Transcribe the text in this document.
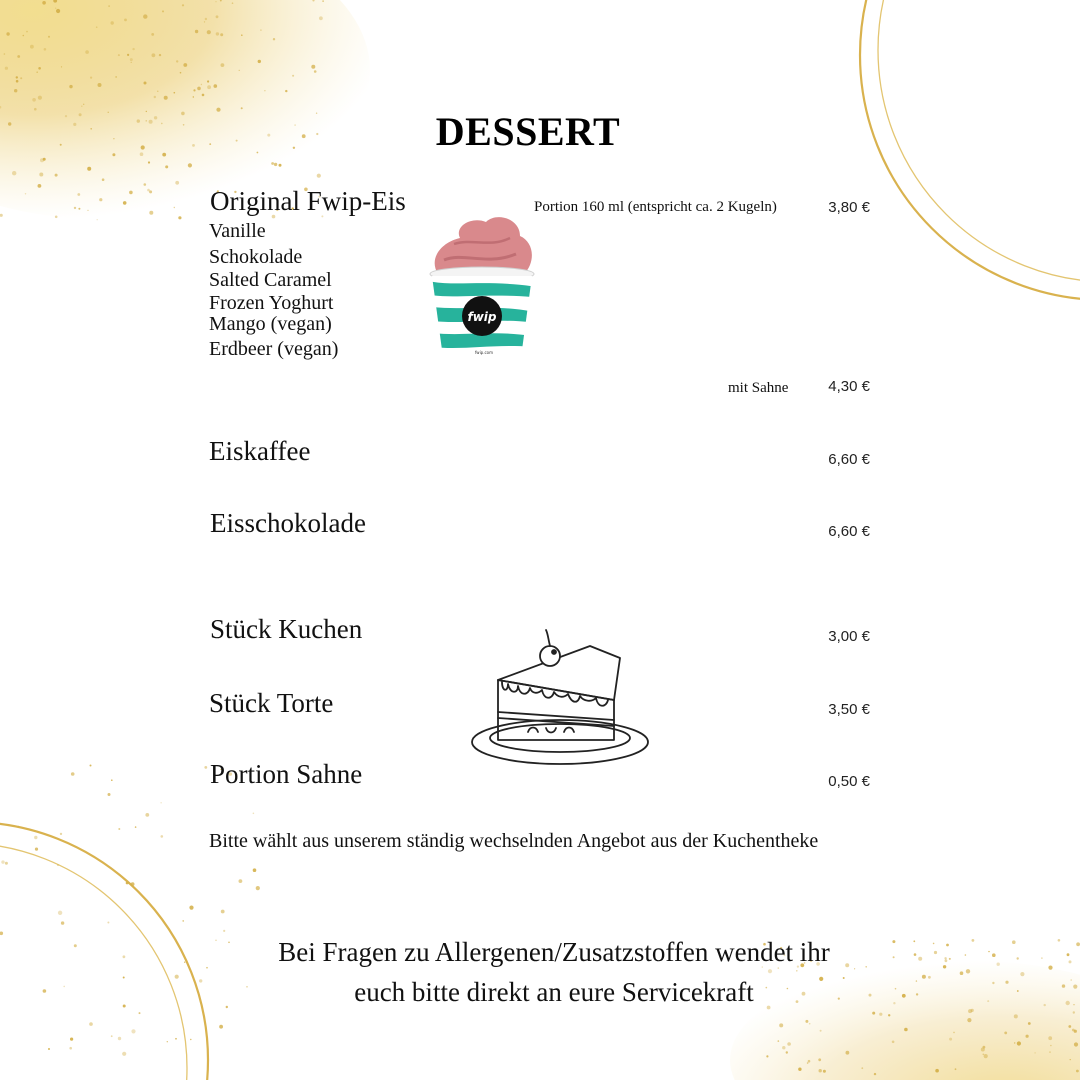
DESSERT
Original Fwip-Eis	Portion 160 ml (entspricht ca. 2 Kugeln)	3,80 €
Vanille
Schokolade
Salted Caramel
Frozen Yoghurt
Mango (vegan)
Erdbeer (vegan)
fwip
fwip.com
mit Sahne	4,30 €
Eiskaffee	6,60 €
Eisschokolade	6,60 €
Stück Kuchen	3,00 €
Stück Torte	3,50 €
Portion Sahne	0,50 €
Bitte wählt aus unserem ständig wechselnden Angebot aus der Kuchentheke
Bei Fragen zu Allergenen/Zusatzstoffen wendet ihr
euch bitte direkt an eure Servicekraft
